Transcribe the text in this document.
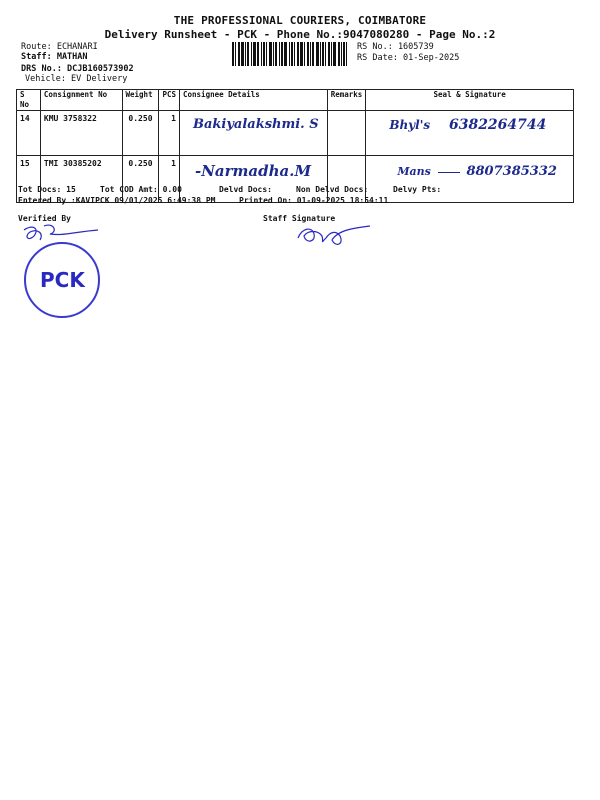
THE PROFESSIONAL COURIERS, COIMBATORE
Delivery Runsheet - PCK - Phone No.:9047080280 - Page No.:2
Route: ECHANARI
Staff: MATHAN
DRS No.: DCJB160573902
Vehicle: EV Delivery
RS No.: 1605739
RS Date: 01-Sep-2025
S No	Consignment No	Weight	PCS	Consignee Details	Remarks	Seal & Signature
14	KMU 3758322	0.250	1	Bakiyalakshmi. S		Bhyl's 6382264744
15	TMI 30385202	0.250	1	-Narmadha.M		Mans 8807385332
Tot Docs: 15	Tot COD Amt: 0.00	Delvd Docs:	Non Delvd Docs:	Delvy Pts:
Entered By :KAVIPCK 09/01/2025 6:49:38 PM	Printed On: 01-09-2025 18:54:11
Verified By	Staff Signature
PCK
